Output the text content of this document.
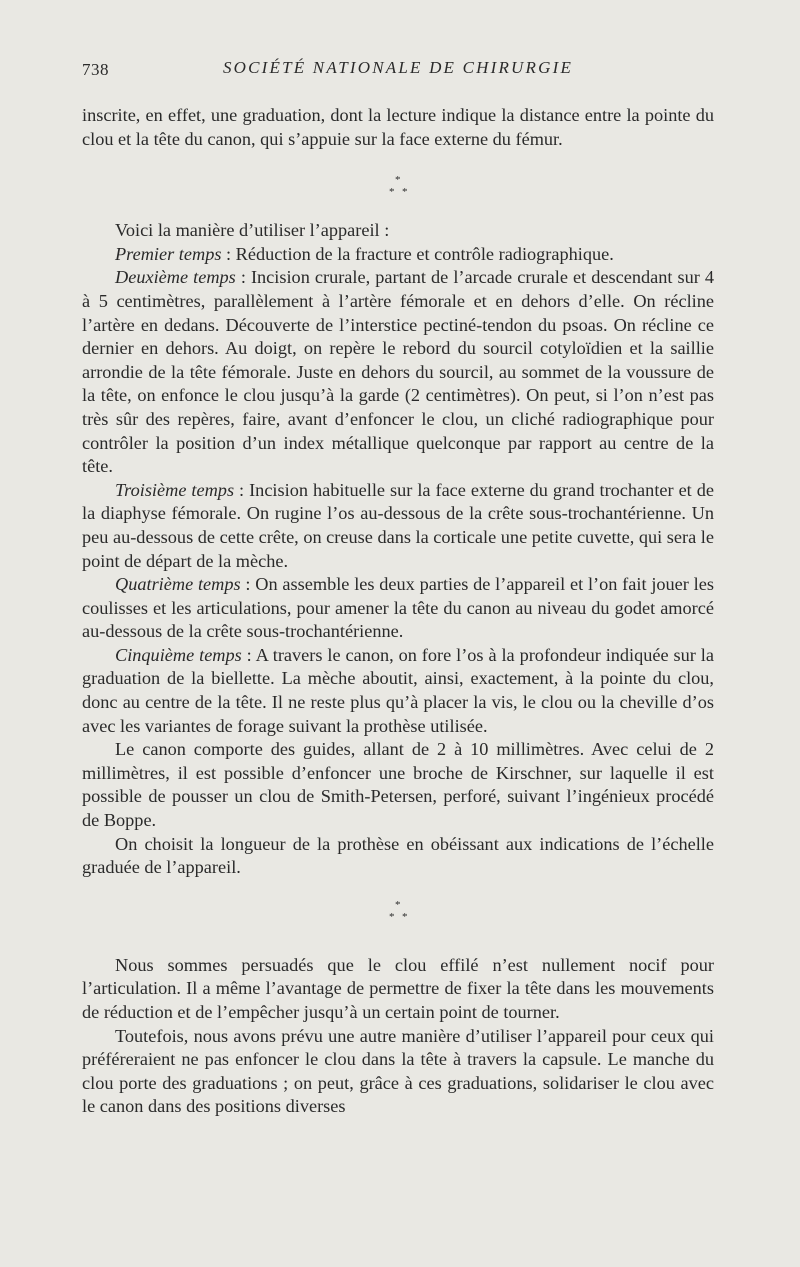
738	SOCIÉTÉ NATIONALE DE CHIRURGIE

inscrite, en effet, une graduation, dont la lecture indique la distance entre la pointe du clou et la tête du canon, qui s’appuie sur la face externe du fémur.

*
* *

Voici la manière d’utiliser l’appareil :

Premier temps : Réduction de la fracture et contrôle radiographique.

Deuxième temps : Incision crurale, partant de l’arcade crurale et descendant sur 4 à 5 centimètres, parallèlement à l’artère fémorale et en dehors d’elle. On récline l’artère en dedans. Découverte de l’interstice pectiné-tendon du psoas. On récline ce dernier en dehors. Au doigt, on repère le rebord du sourcil cotyloïdien et la saillie arrondie de la tête fémorale. Juste en dehors du sourcil, au sommet de la voussure de la tête, on enfonce le clou jusqu’à la garde (2 centimètres). On peut, si l’on n’est pas très sûr des repères, faire, avant d’enfoncer le clou, un cliché radiographique pour contrôler la position d’un index métallique quelconque par rapport au centre de la tête.

Troisième temps : Incision habituelle sur la face externe du grand trochanter et de la diaphyse fémorale. On rugine l’os au-dessous de la crête sous-trochantérienne. Un peu au-dessous de cette crête, on creuse dans la corticale une petite cuvette, qui sera le point de départ de la mèche.

Quatrième temps : On assemble les deux parties de l’appareil et l’on fait jouer les coulisses et les articulations, pour amener la tête du canon au niveau du godet amorcé au-dessous de la crête sous-trochantérienne.

Cinquième temps : A travers le canon, on fore l’os à la profondeur indiquée sur la graduation de la biellette. La mèche aboutit, ainsi, exactement, à la pointe du clou, donc au centre de la tête. Il ne reste plus qu’à placer la vis, le clou ou la cheville d’os avec les variantes de forage suivant la prothèse utilisée.

Le canon comporte des guides, allant de 2 à 10 millimètres. Avec celui de 2 millimètres, il est possible d’enfoncer une broche de Kirschner, sur laquelle il est possible de pousser un clou de Smith-Petersen, perforé, suivant l’ingénieux procédé de Boppe.

On choisit la longueur de la prothèse en obéissant aux indications de l’échelle graduée de l’appareil.

*
* *

Nous sommes persuadés que le clou effilé n’est nullement nocif pour l’articulation. Il a même l’avantage de permettre de fixer la tête dans les mouvements de réduction et de l’empêcher jusqu’à un certain point de tourner.

Toutefois, nous avons prévu une autre manière d’utiliser l’appareil pour ceux qui préféreraient ne pas enfoncer le clou dans la tête à travers la capsule. Le manche du clou porte des graduations ; on peut, grâce à ces graduations, solidariser le clou avec le canon dans des positions diverses
